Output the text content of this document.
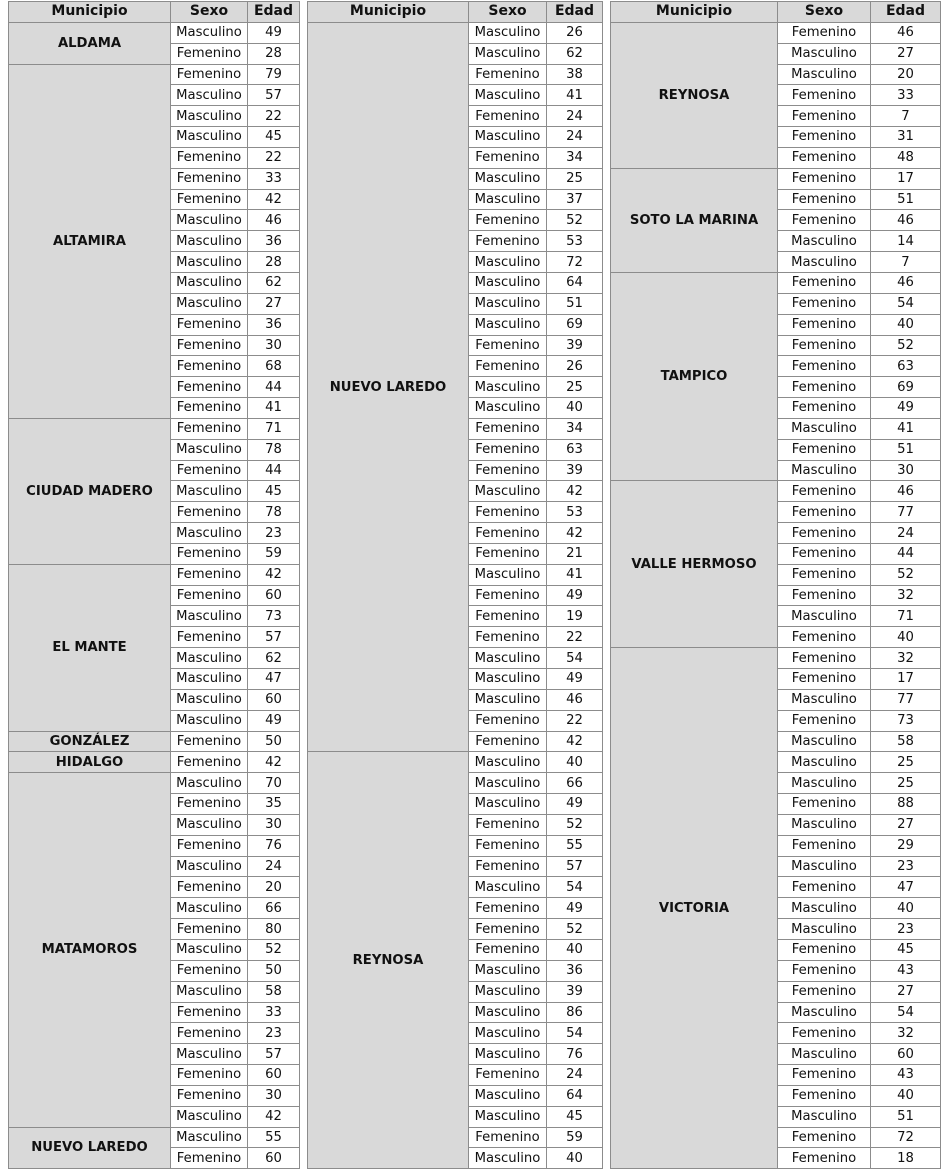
Municipio	Sexo	Edad
ALDAMA	Masculino	49
	Femenino	28
ALTAMIRA	Femenino	79
	Masculino	57
	Masculino	22
	Masculino	45
	Femenino	22
	Femenino	33
	Femenino	42
	Masculino	46
	Masculino	36
	Masculino	28
	Masculino	62
	Masculino	27
	Femenino	36
	Femenino	30
	Femenino	68
	Femenino	44
	Femenino	41
CIUDAD MADERO	Femenino	71
	Masculino	78
	Femenino	44
	Masculino	45
	Femenino	78
	Masculino	23
	Femenino	59
EL MANTE	Femenino	42
	Femenino	60
	Masculino	73
	Femenino	57
	Masculino	62
	Masculino	47
	Masculino	60
	Masculino	49
GONZÁLEZ	Femenino	50
HIDALGO	Femenino	42
MATAMOROS	Masculino	70
	Femenino	35
	Masculino	30
	Femenino	76
	Masculino	24
	Femenino	20
	Masculino	66
	Femenino	80
	Masculino	52
	Femenino	50
	Masculino	58
	Femenino	33
	Femenino	23
	Masculino	57
	Femenino	60
	Femenino	30
	Masculino	42
NUEVO LAREDO	Masculino	55
	Femenino	60
Municipio	Sexo	Edad
NUEVO LAREDO	Masculino	26
	Masculino	62
	Femenino	38
	Masculino	41
	Femenino	24
	Masculino	24
	Femenino	34
	Masculino	25
	Masculino	37
	Femenino	52
	Femenino	53
	Masculino	72
	Masculino	64
	Masculino	51
	Masculino	69
	Femenino	39
	Femenino	26
	Masculino	25
	Masculino	40
	Femenino	34
	Femenino	63
	Femenino	39
	Masculino	42
	Femenino	53
	Femenino	42
	Femenino	21
	Masculino	41
	Femenino	49
	Femenino	19
	Femenino	22
	Masculino	54
	Masculino	49
	Masculino	46
	Femenino	22
	Femenino	42
REYNOSA	Masculino	40
	Masculino	66
	Masculino	49
	Femenino	52
	Femenino	55
	Femenino	57
	Masculino	54
	Femenino	49
	Femenino	52
	Femenino	40
	Masculino	36
	Masculino	39
	Masculino	86
	Masculino	54
	Masculino	76
	Femenino	24
	Masculino	64
	Masculino	45
	Femenino	59
	Masculino	40
Municipio	Sexo	Edad
REYNOSA	Femenino	46
	Masculino	27
	Masculino	20
	Femenino	33
	Femenino	7
	Femenino	31
	Femenino	48
SOTO LA MARINA	Femenino	17
	Femenino	51
	Femenino	46
	Masculino	14
	Masculino	7
TAMPICO	Femenino	46
	Femenino	54
	Femenino	40
	Femenino	52
	Femenino	63
	Femenino	69
	Femenino	49
	Masculino	41
	Femenino	51
	Masculino	30
VALLE HERMOSO	Femenino	46
	Femenino	77
	Femenino	24
	Femenino	44
	Femenino	52
	Femenino	32
	Masculino	71
	Femenino	40
VICTORIA	Femenino	32
	Femenino	17
	Masculino	77
	Femenino	73
	Masculino	58
	Masculino	25
	Masculino	25
	Femenino	88
	Masculino	27
	Femenino	29
	Masculino	23
	Femenino	47
	Masculino	40
	Masculino	23
	Femenino	45
	Femenino	43
	Femenino	27
	Masculino	54
	Femenino	32
	Masculino	60
	Femenino	43
	Femenino	40
	Masculino	51
	Femenino	72
	Femenino	18
